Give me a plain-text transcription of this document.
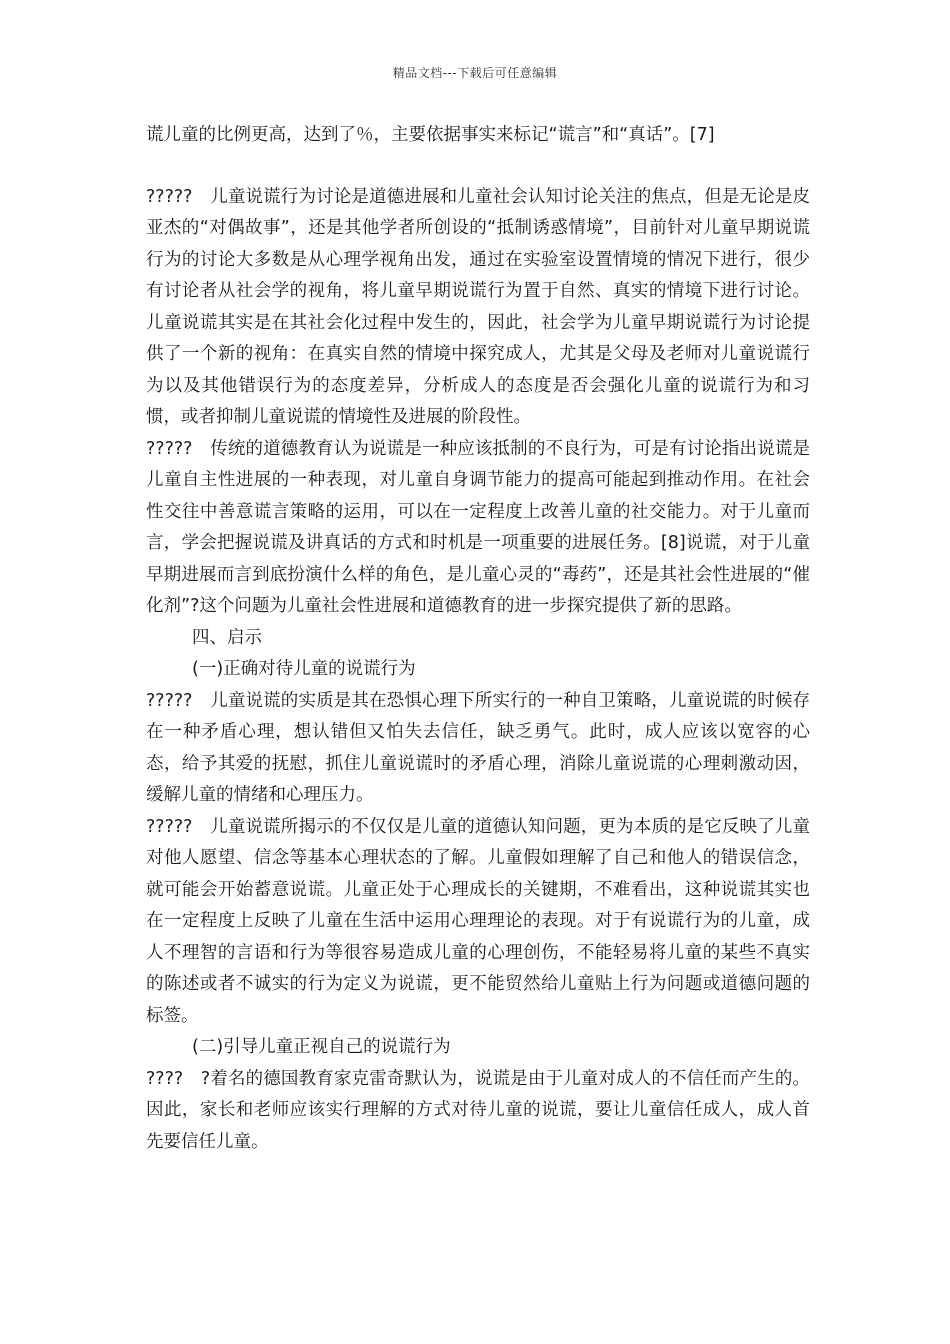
精品文档---下载后可任意编辑

谎儿童的比例更高，达到了％，主要依据事实来标记“谎言”和“真话”。[7]

?????　儿童说谎行为讨论是道德进展和儿童社会认知讨论关注的焦点，但是无论是皮亚杰的“对偶故事”，还是其他学者所创设的“抵制诱惑情境”，目前针对儿童早期说谎行为的讨论大多数是从心理学视角出发，通过在实验室设置情境的情况下进行，很少有讨论者从社会学的视角，将儿童早期说谎行为置于自然、真实的情境下进行讨论。儿童说谎其实是在其社会化过程中发生的，因此，社会学为儿童早期说谎行为讨论提供了一个新的视角：在真实自然的情境中探究成人，尤其是父母及老师对儿童说谎行为以及其他错误行为的态度差异，分析成人的态度是否会强化儿童的说谎行为和习惯，或者抑制儿童说谎的情境性及进展的阶段性。

?????　传统的道德教育认为说谎是一种应该抵制的不良行为，可是有讨论指出说谎是儿童自主性进展的一种表现，对儿童自身调节能力的提高可能起到推动作用。在社会性交往中善意谎言策略的运用，可以在一定程度上改善儿童的社交能力。对于儿童而言，学会把握说谎及讲真话的方式和时机是一项重要的进展任务。[8]说谎，对于儿童早期进展而言到底扮演什么样的角色，是儿童心灵的“毒药”，还是其社会性进展的“催化剂”?这个问题为儿童社会性进展和道德教育的进一步探究提供了新的思路。

四、启示

(一)正确对待儿童的说谎行为

?????　儿童说谎的实质是其在恐惧心理下所实行的一种自卫策略，儿童说谎的时候存在一种矛盾心理，想认错但又怕失去信任，缺乏勇气。此时，成人应该以宽容的心态，给予其爱的抚慰，抓住儿童说谎时的矛盾心理，消除儿童说谎的心理刺激动因，缓解儿童的情绪和心理压力。

?????　儿童说谎所揭示的不仅仅是儿童的道德认知问题，更为本质的是它反映了儿童对他人愿望、信念等基本心理状态的了解。儿童假如理解了自己和他人的错误信念，就可能会开始蓄意说谎。儿童正处于心理成长的关键期，不难看出，这种说谎其实也在一定程度上反映了儿童在生活中运用心理理论的表现。对于有说谎行为的儿童，成人不理智的言语和行为等很容易造成儿童的心理创伤，不能轻易将儿童的某些不真实的陈述或者不诚实的行为定义为说谎，更不能贸然给儿童贴上行为问题或道德问题的标签。

(二)引导儿童正视自己的说谎行为

????　?着名的德国教育家克雷奇默认为，说谎是由于儿童对成人的不信任而产生的。因此，家长和老师应该实行理解的方式对待儿童的说谎，要让儿童信任成人，成人首先要信任儿童。
